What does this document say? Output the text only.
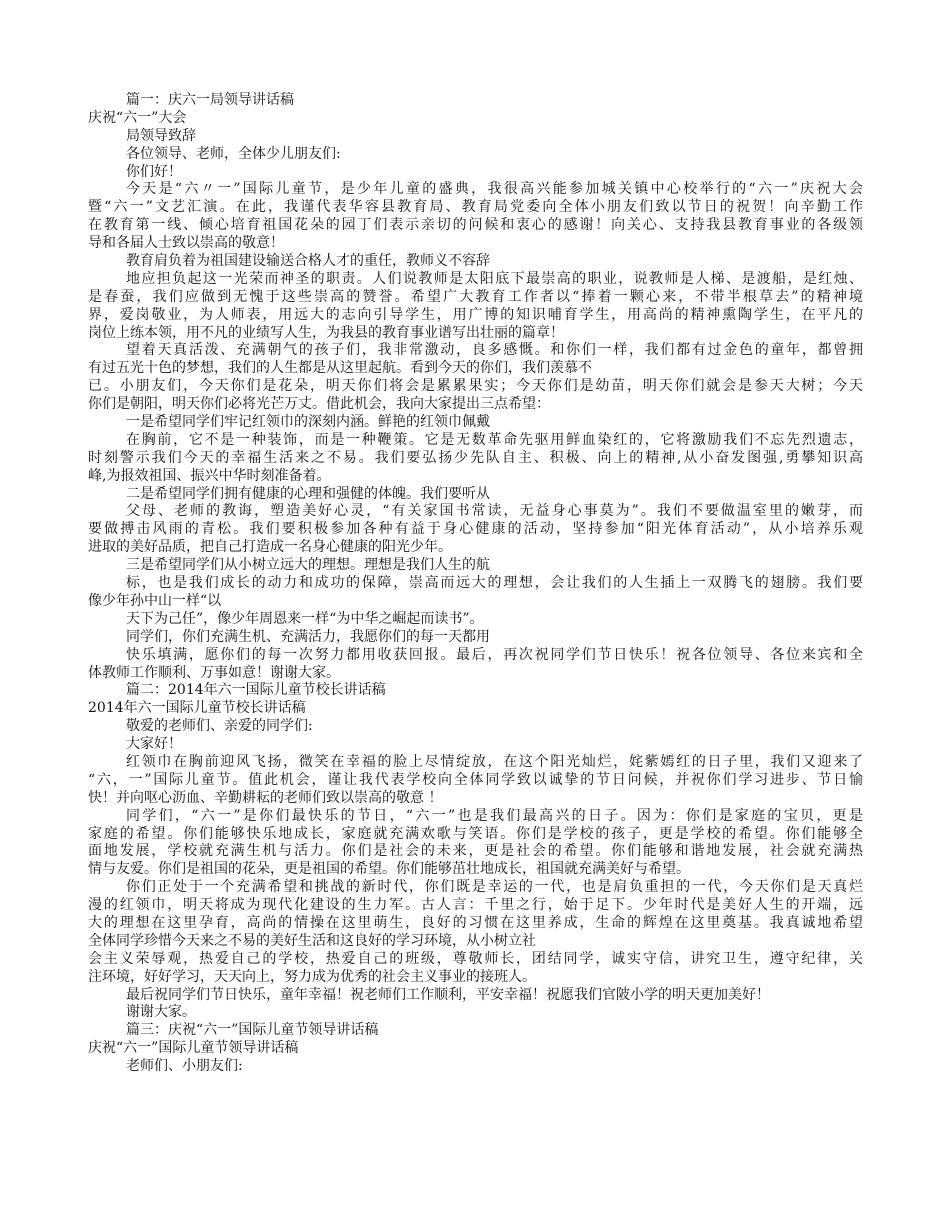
篇一：庆六一局领导讲话稿
庆祝“六一”大会
局领导致辞
各位领导、老师，全体少儿朋友们:
你们好！
今天是“六〃一”国际儿童节，是少年儿童的盛典，我很高兴能参加城关镇中心校举行的“六一”庆祝大会
暨“六一”文艺汇演。在此，我谨代表华容县教育局、教育局党委向全体小朋友们致以节日的祝贺！向辛勤工作
在教育第一线、倾心培育祖国花朵的园丁们表示亲切的问候和衷心的感谢！向关心、支持我县教育事业的各级领
导和各届人士致以崇高的敬意！
教育肩负着为祖国建设输送合格人才的重任，教师义不容辞
地应担负起这一光荣而神圣的职责。人们说教师是太阳底下最崇高的职业，说教师是人梯、是渡船，是红烛、
是春蚕，我们应做到无愧于这些崇高的赞誉。希望广大教育工作者以“捧着一颗心来，不带半根草去”的精神境
界，爱岗敬业，为人师表，用远大的志向引导学生，用广博的知识哺育学生，用高尚的精神熏陶学生，在平凡的
岗位上练本领，用不凡的业绩写人生，为我县的教育事业谱写出壮丽的篇章！
望着天真活泼、充满朝气的孩子们，我非常激动，良多感慨。和你们一样，我们都有过金色的童年，都曾拥
有过五光十色的梦想，我们的人生都是从这里起航。看到今天的你们，我们羡慕不
已。小朋友们，今天你们是花朵，明天你们将会是累累果实；今天你们是幼苗，明天你们就会是参天大树；今天
你们是朝阳，明天你们必将光芒万丈。借此机会，我向大家提出三点希望：
一是希望同学们牢记红领巾的深刻内涵。鲜艳的红领巾佩戴
在胸前，它不是一种装饰，而是一种鞭策。它是无数革命先驱用鲜血染红的，它将激励我们不忘先烈遗志，
时刻警示我们今天的幸福生活来之不易。我们要弘扬少先队自主、积极、向上的精神,从小奋发图强,勇攀知识高
峰,为报效祖国、振兴中华时刻准备着。
二是希望同学们拥有健康的心理和强健的体魄。我们要听从
父母、老师的教诲，塑造美好心灵，“有关家国书常读，无益身心事莫为”。我们不要做温室里的嫩芽，而
要做搏击风雨的青松。我们要积极参加各种有益于身心健康的活动，坚持参加“阳光体育活动”，从小培养乐观
进取的美好品质，把自己打造成一名身心健康的阳光少年。
三是希望同学们从小树立远大的理想。理想是我们人生的航
标，也是我们成长的动力和成功的保障，崇高而远大的理想，会让我们的人生插上一双腾飞的翅膀。我们要
像少年孙中山一样“以
天下为己任”，像少年周恩来一样“为中华之崛起而读书”。
同学们，你们充满生机、充满活力，我愿你们的每一天都用
快乐填满，愿你们的每一次努力都用收获回报。最后，再次祝同学们节日快乐！祝各位领导、各位来宾和全
体教师工作顺利、万事如意！谢谢大家。
篇二：2014年六一国际儿童节校长讲话稿
2014年六一国际儿童节校长讲话稿
敬爱的老师们、亲爱的同学们:
大家好！
红领巾在胸前迎风飞扬，微笑在幸福的脸上尽情绽放，在这个阳光灿烂，姹紫嫣红的日子里，我们又迎来了
“六，一”国际儿童节。值此机会，谨让我代表学校向全体同学致以诚挚的节日问候，并祝你们学习进步、节日愉
快！并向呕心沥血、辛勤耕耘的老师们致以崇高的敬意 ！
同学们，“六一”是你们最快乐的节日，“六一”也是我们最高兴的日子。因为：你们是家庭的宝贝，更是
家庭的希望。你们能够快乐地成长，家庭就充满欢歌与笑语。你们是学校的孩子，更是学校的希望。你们能够全
面地发展，学校就充满生机与活力。你们是社会的未来，更是社会的希望。你们能够和谐地发展，社会就充满热
情与友爱。你们是祖国的花朵，更是祖国的希望。你们能够茁壮地成长，祖国就充满美好与希望。
你们正处于一个充满希望和挑战的新时代，你们既是幸运的一代，也是肩负重担的一代，今天你们是天真烂
漫的红领巾，明天将成为现代化建设的生力军。古人言：千里之行，始于足下。少年时代是美好人生的开端，远
大的理想在这里孕育，高尚的情操在这里萌生，良好的习惯在这里养成，生命的辉煌在这里奠基。我真诚地希望
全体同学珍惜今天来之不易的美好生活和这良好的学习环境，从小树立社
会主义荣辱观，热爱自己的学校，热爱自己的班级，尊敬师长，团结同学，诚实守信，讲究卫生，遵守纪律，关
注环境，好好学习，天天向上，努力成为优秀的社会主义事业的接班人。
最后祝同学们节日快乐，童年幸福！祝老师们工作顺利，平安幸福！祝愿我们官陂小学的明天更加美好！
谢谢大家。
篇三：庆祝“六一”国际儿童节领导讲话稿
庆祝“六一”国际儿童节领导讲话稿
老师们、小朋友们:
